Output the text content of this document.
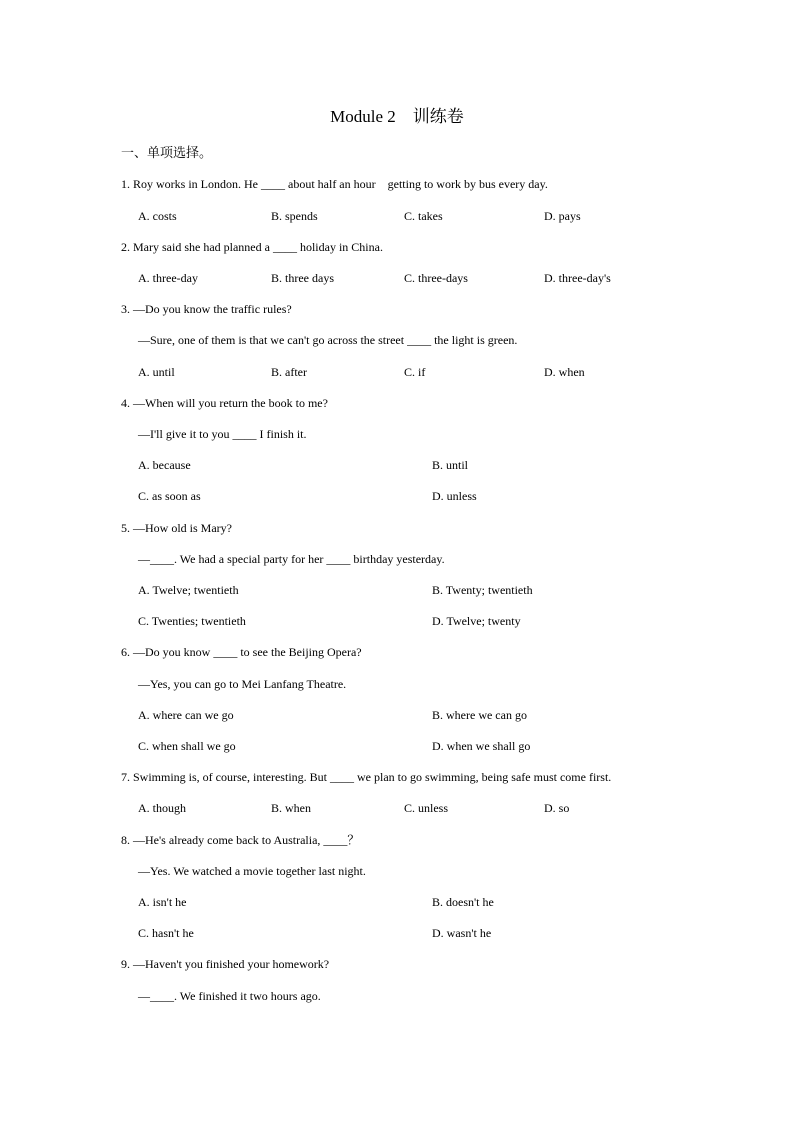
Module 2　训练卷
一、单项选择。
1. Roy works in London. He ____ about half an hour　getting to work by bus every day.
A. costs	B. spends	C. takes	D. pays
2. Mary said she had planned a ____ holiday in China.
A. three-day	B. three days	C. three-days	D. three-day's
3. —Do you know the traffic rules?
—Sure, one of them is that we can't go across the street ____ the light is green.
A. until	B. after	C. if	D. when
4. —When will you return the book to me?
—I'll give it to you ____ I finish it.
A. because	B. until
C. as soon as	D. unless
5. —How old is Mary?
—____. We had a special party for her ____ birthday yesterday.
A. Twelve; twentieth	B. Twenty; twentieth
C. Twenties; twentieth	D. Twelve; twenty
6. —Do you know ____ to see the Beijing Opera?
—Yes, you can go to Mei Lanfang Theatre.
A. where can we go	B. where we can go
C. when shall we go	D. when we shall go
7. Swimming is, of course, interesting. But ____ we plan to go swimming, being safe must come first.
A. though	B. when	C. unless	D. so
8. —He's already come back to Australia, ____？
—Yes. We watched a movie together last night.
A. isn't he	B. doesn't he
C. hasn't he	D. wasn't he
9. —Haven't you finished your homework?
—____. We finished it two hours ago.
